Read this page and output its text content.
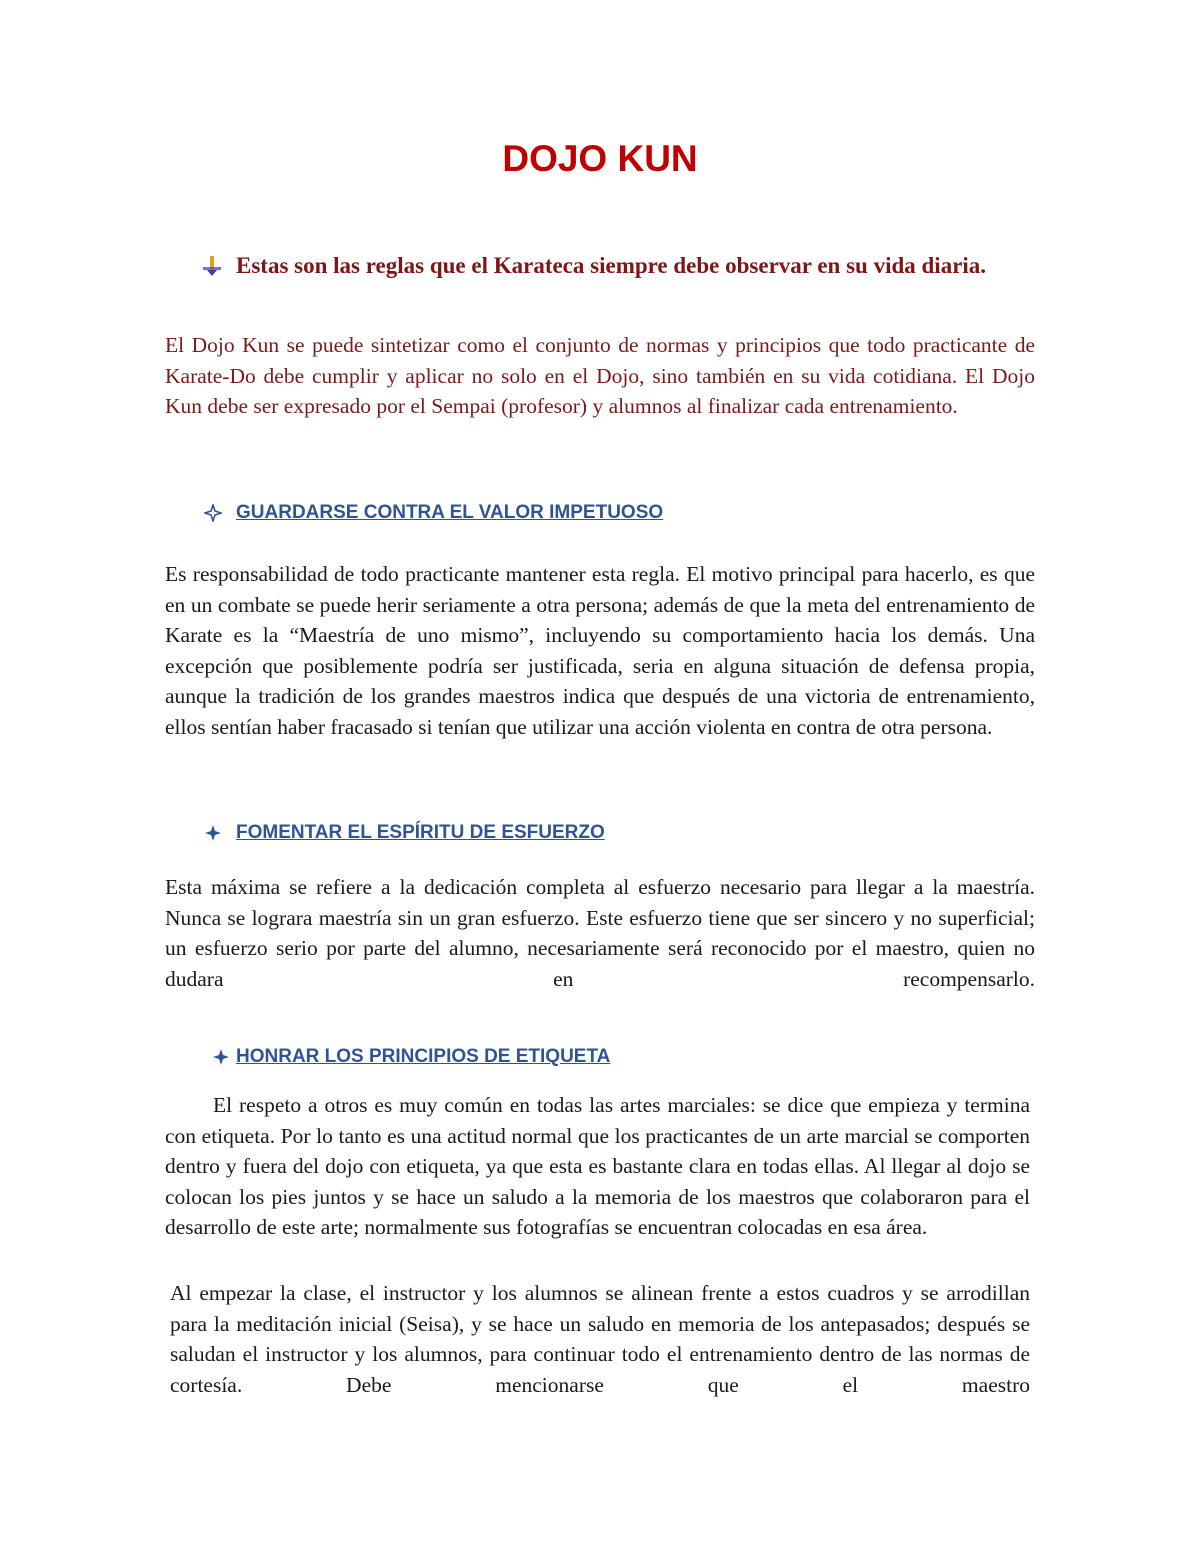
DOJO KUN
Estas son las reglas que el Karateca siempre debe observar en su vida diaria.

El Dojo Kun se puede sintetizar como el conjunto de normas y principios que todo practicante de Karate-Do debe cumplir y aplicar no solo en el Dojo, sino también en su vida cotidiana. El Dojo Kun debe ser expresado por el Sempai (profesor) y alumnos al finalizar cada entrenamiento.

GUARDARSE CONTRA EL VALOR IMPETUOSO

Es responsabilidad de todo practicante mantener esta regla. El motivo principal para hacerlo, es que en un combate se puede herir seriamente a otra persona; además de que la meta del entrenamiento de Karate es la “Maestría de uno mismo”, incluyendo su comportamiento hacia los demás. Una excepción que posiblemente podría ser justificada, seria en alguna situación de defensa propia, aunque la tradición de los grandes maestros indica que después de una victoria de entrenamiento, ellos sentían haber fracasado si tenían que utilizar una acción violenta en contra de otra persona.

FOMENTAR EL ESPÍRITU DE ESFUERZO

Esta máxima se refiere a la dedicación completa al esfuerzo necesario para llegar a la maestría. Nunca se lograra maestría sin un gran esfuerzo. Este esfuerzo tiene que ser sincero y no superficial; un esfuerzo serio por parte del alumno, necesariamente será reconocido por el maestro, quien no dudara en recompensarlo.

HONRAR LOS PRINCIPIOS DE ETIQUETA

El respeto a otros es muy común en todas las artes marciales: se dice que empieza y termina con etiqueta. Por lo tanto es una actitud normal que los practicantes de un arte marcial se comporten dentro y fuera del dojo con etiqueta, ya que esta es bastante clara en todas ellas. Al llegar al dojo se colocan los pies juntos y se hace un saludo a la memoria de los maestros que colaboraron para el desarrollo de este arte; normalmente sus fotografías se encuentran colocadas en esa área.

Al empezar la clase, el instructor y los alumnos se alinean frente a estos cuadros y se arrodillan para la meditación inicial (Seisa), y se hace un saludo en memoria de los antepasados; después se saludan el instructor y los alumnos, para continuar todo el entrenamiento dentro de las normas de cortesía. Debe mencionarse que el maestro
